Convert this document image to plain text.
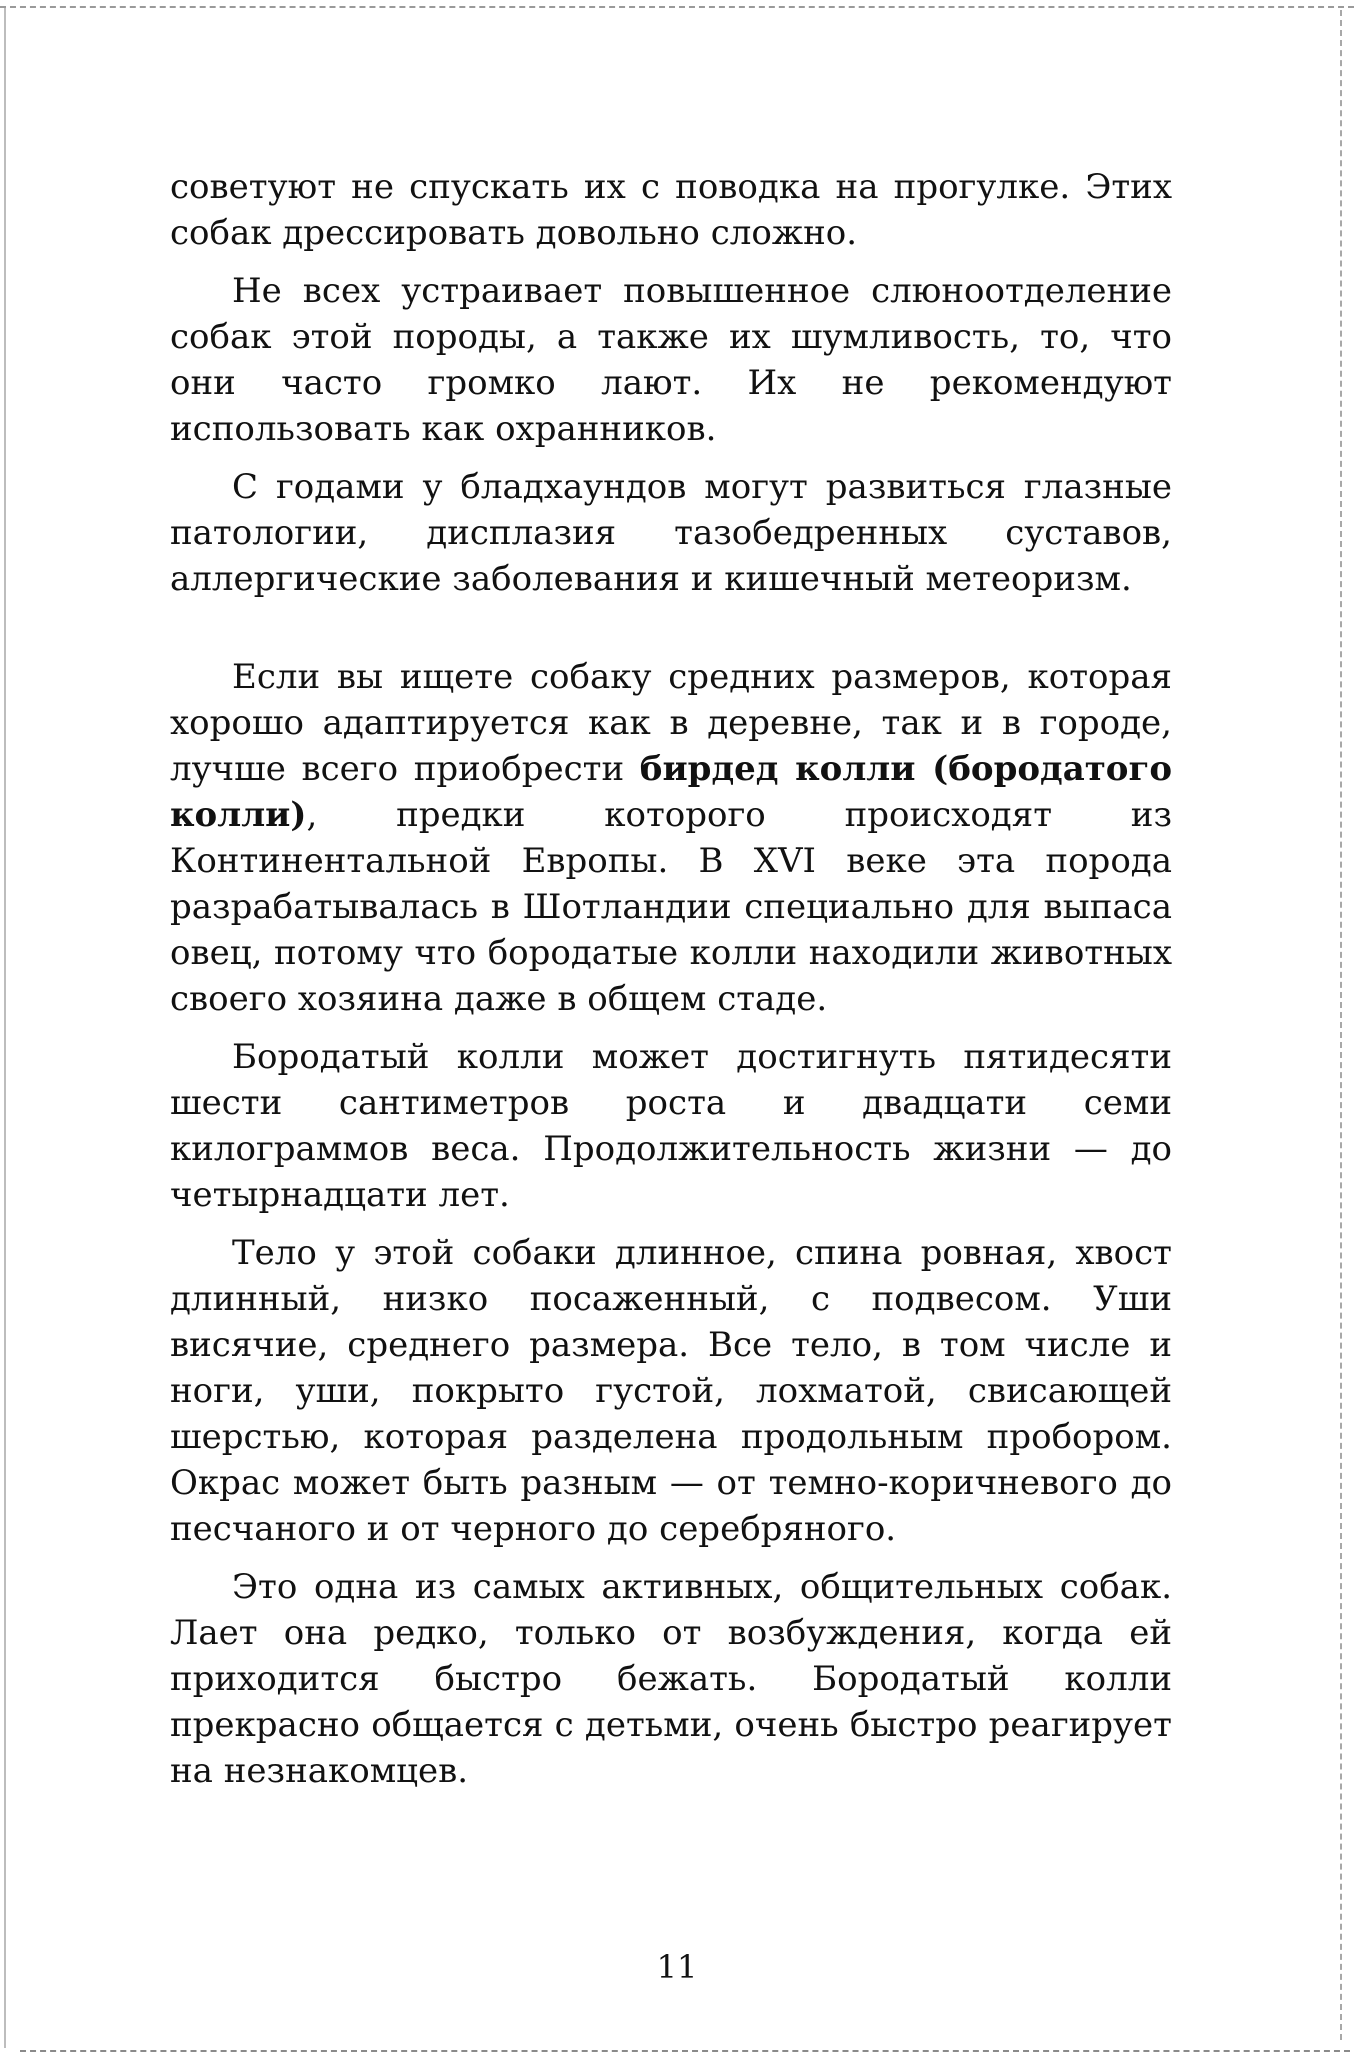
советуют не спускать их с поводка на прогулке. Этих собак дрессировать довольно сложно.

Не всех устраивает повышенное слюноотделение собак этой породы, а также их шумливость, то, что они часто громко лают. Их не рекомендуют использовать как охранников.

С годами у бладхаундов могут развиться глазные патологии, дисплазия тазобедренных суставов, аллергические заболевания и кишечный метеоризм.

Если вы ищете собаку средних размеров, которая хорошо адаптируется как в деревне, так и в городе, лучше всего приобрести бирдед колли (бородатого колли), предки которого происходят из Континентальной Европы. В XVI веке эта порода разрабатывалась в Шотландии специально для выпаса овец, потому что бородатые колли находили животных своего хозяина даже в общем стаде.

Бородатый колли может достигнуть пятидесяти шести сантиметров роста и двадцати семи килограммов веса. Продолжительность жизни — до четырнадцати лет.

Тело у этой собаки длинное, спина ровная, хвост длинный, низко посаженный, с подвесом. Уши висячие, среднего размера. Все тело, в том числе и ноги, уши, покрыто густой, лохматой, свисающей шерстью, которая разделена продольным пробором. Окрас может быть разным — от темно-коричневого до песчаного и от черного до серебряного.

Это одна из самых активных, общительных собак. Лает она редко, только от возбуждения, когда ей приходится быстро бежать. Бородатый колли прекрасно общается с детьми, очень быстро реагирует на незнакомцев.

11
